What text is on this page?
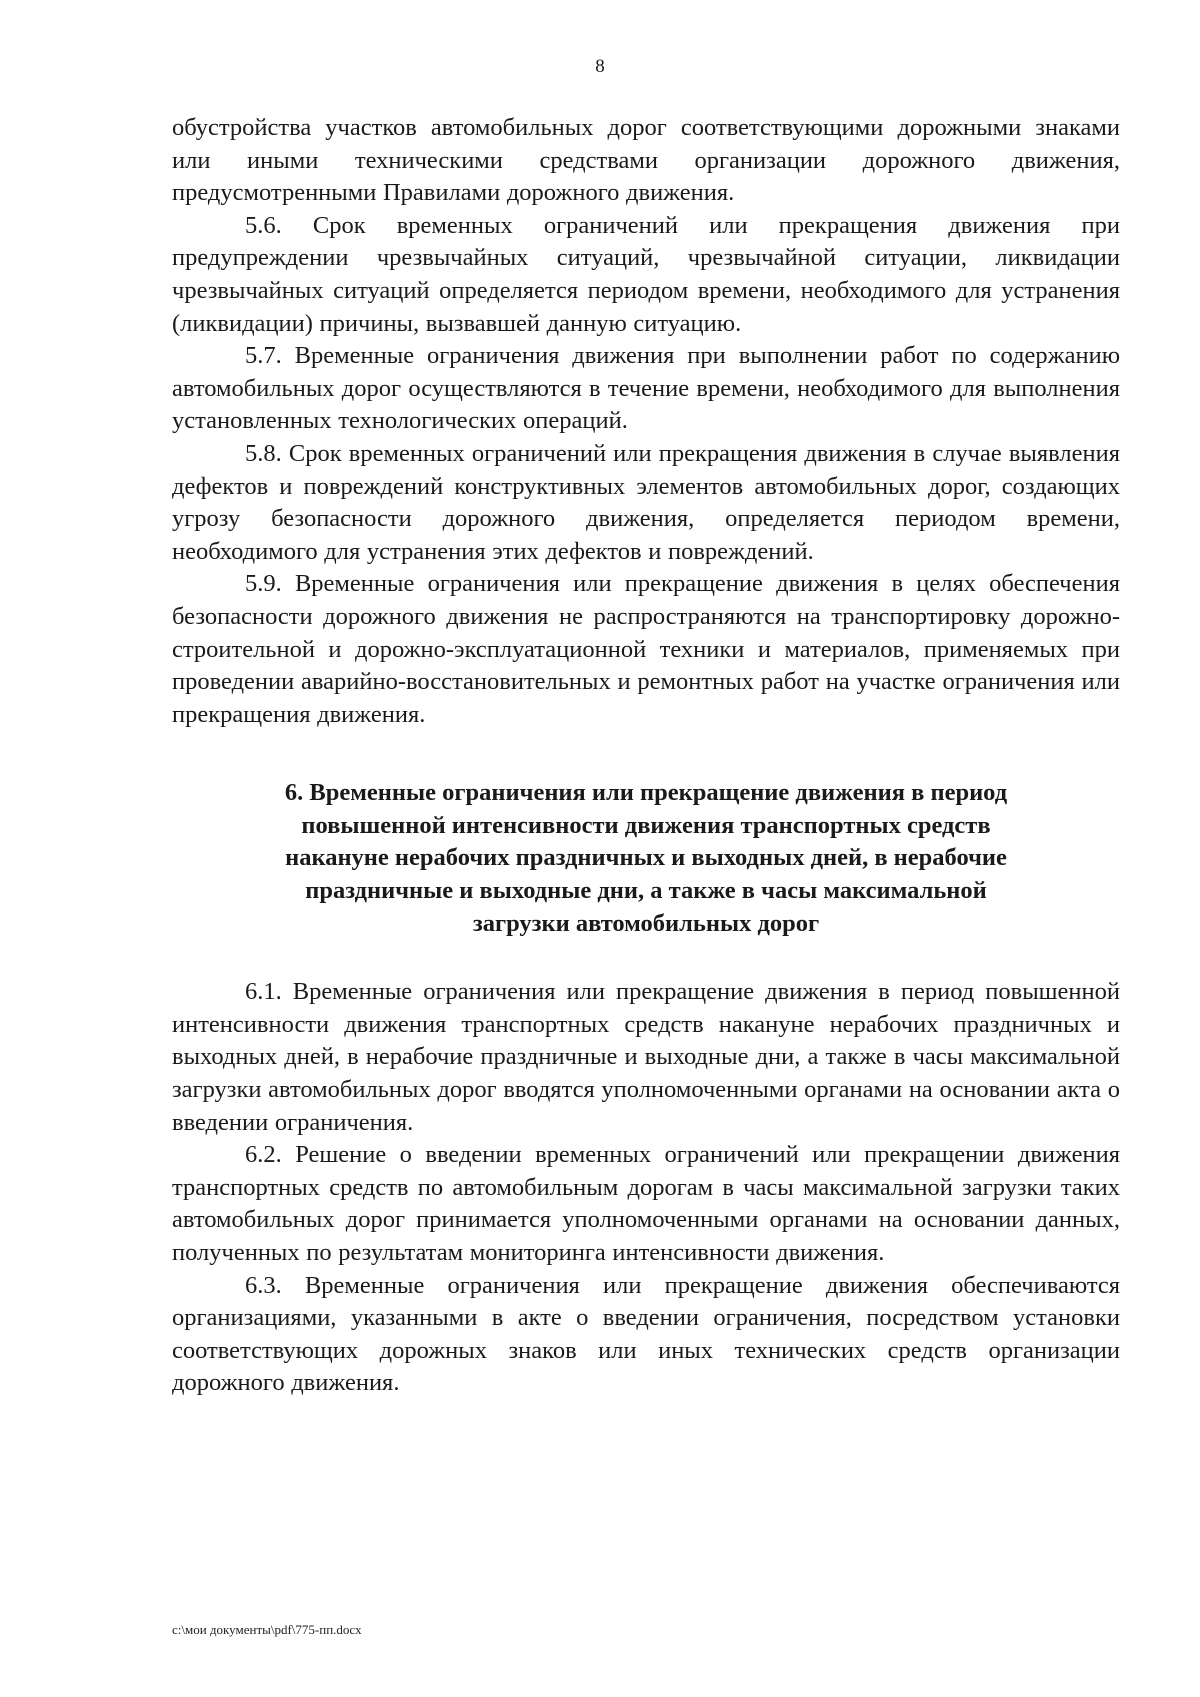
8

обустройства участков автомобильных дорог соответствующими дорожными знаками или иными техническими средствами организации дорожного движения, предусмотренными Правилами дорожного движения.

5.6. Срок временных ограничений или прекращения движения при предупреждении чрезвычайных ситуаций, чрезвычайной ситуации, ликвидации чрезвычайных ситуаций определяется периодом времени, необходимого для устранения (ликвидации) причины, вызвавшей данную ситуацию.

5.7. Временные ограничения движения при выполнении работ по содержанию автомобильных дорог осуществляются в течение времени, необходимого для выполнения установленных технологических операций.

5.8. Срок временных ограничений или прекращения движения в случае выявления дефектов и повреждений конструктивных элементов автомобильных дорог, создающих угрозу безопасности дорожного движения, определяется периодом времени, необходимого для устранения этих дефектов и повреждений.

5.9. Временные ограничения или прекращение движения в целях обеспечения безопасности дорожного движения не распространяются на транспортировку дорожно-строительной и дорожно-эксплуатационной техники и материалов, применяемых при проведении аварийно-восстановительных и ремонтных работ на участке ограничения или прекращения движения.

6. Временные ограничения или прекращение движения в период
повышенной интенсивности движения транспортных средств
накануне нерабочих праздничных и выходных дней, в нерабочие
праздничные и выходные дни, а также в часы максимальной
загрузки автомобильных дорог

6.1. Временные ограничения или прекращение движения в период повышенной интенсивности движения транспортных средств накануне нерабочих праздничных и выходных дней, в нерабочие праздничные и выходные дни, а также в часы максимальной загрузки автомобильных дорог вводятся уполномоченными органами на основании акта о введении ограничения.

6.2. Решение о введении временных ограничений или прекращении движения транспортных средств по автомобильным дорогам в часы максимальной загрузки таких автомобильных дорог принимается уполномоченными органами на основании данных, полученных по результатам мониторинга интенсивности движения.

6.3. Временные ограничения или прекращение движения обеспечиваются организациями, указанными в акте о введении ограничения, посредством установки соответствующих дорожных знаков или иных технических средств организации дорожного движения.

c:\мои документы\pdf\775-пп.docx
